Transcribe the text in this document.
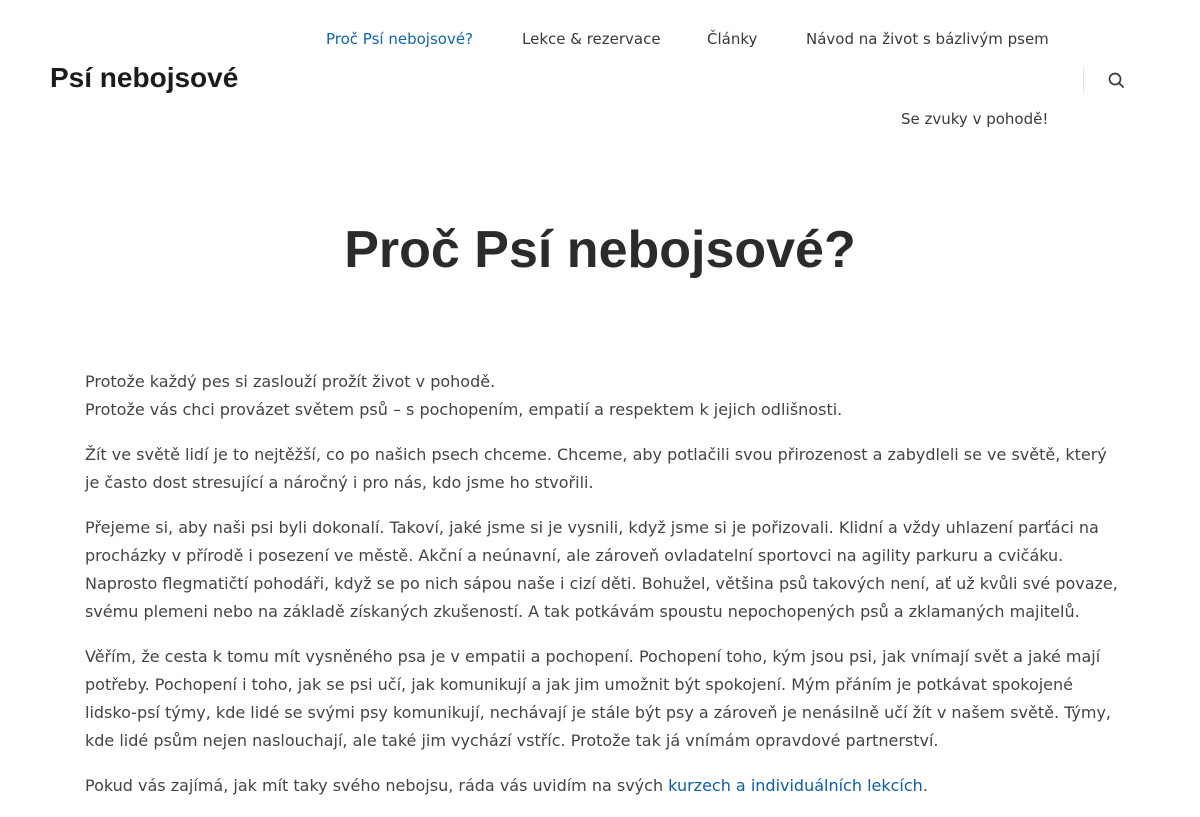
Psí nebojsové
Proč Psí nebojsové?	Lekce & rezervace	Články	Návod na život s bázlivým psem
Se zvuky v pohodě!
Proč Psí nebojsové?

Protože každý pes si zaslouží prožít život v pohodě.
Protože vás chci provázet světem psů – s pochopením, empatií a respektem k jejich odlišnosti.

Žít ve světě lidí je to nejtěžší, co po našich psech chceme. Chceme, aby potlačili svou přirozenost a zabydleli se ve světě, který je často dost stresující a náročný i pro nás, kdo jsme ho stvořili.

Přejeme si, aby naši psi byli dokonalí. Takoví, jaké jsme si je vysnili, když jsme si je pořizovali. Klidní a vždy uhlazení parťáci na procházky v přírodě i posezení ve městě. Akční a neúnavní, ale zároveň ovladatelní sportovci na agility parkuru a cvičáku. Naprosto flegmatičtí pohodáři, když se po nich sápou naše i cizí děti. Bohužel, většina psů takových není, ať už kvůli své povaze, svému plemeni nebo na základě získaných zkušeností. A tak potkávám spoustu nepochopených psů a zklamaných majitelů.

Věřím, že cesta k tomu mít vysněného psa je v empatii a pochopení. Pochopení toho, kým jsou psi, jak vnímají svět a jaké mají potřeby. Pochopení i toho, jak se psi učí, jak komunikují a jak jim umožnit být spokojení. Mým přáním je potkávat spokojené lidsko-psí týmy, kde lidé se svými psy komunikují, nechávají je stále být psy a zároveň je nenásilně učí žít v našem světě. Týmy, kde lidé psům nejen naslouchají, ale také jim vychází vstříc. Protože tak já vnímám opravdové partnerství.

Pokud vás zajímá, jak mít taky svého nebojsu, ráda vás uvidím na svých kurzech a individuálních lekcích.
